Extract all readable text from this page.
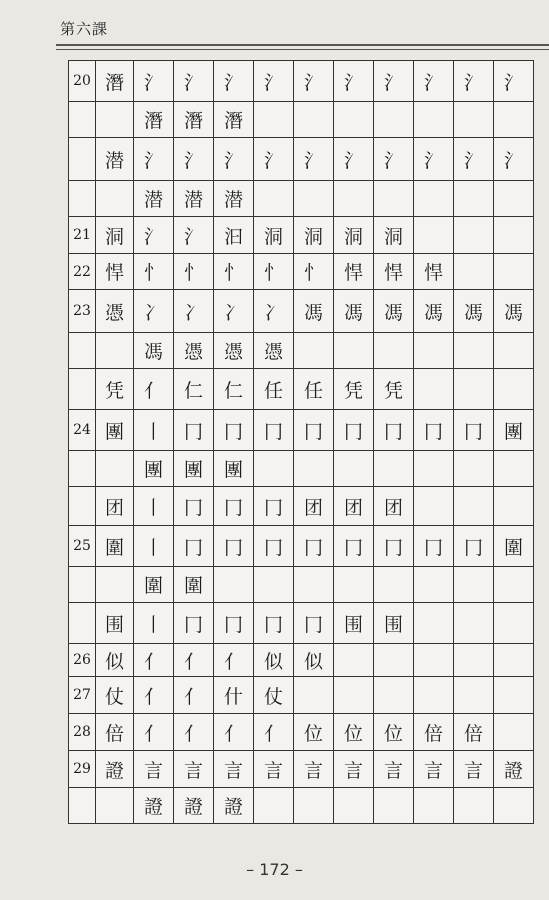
第六課
20	潛	氵	氵	氵	氵	氵	氵	氵	氵	氵	氵
		潛	潛	潛							
	潜	氵	氵	氵	氵	氵	氵	氵	氵	氵	氵
		潜	潜	潜							
21	洞	氵	氵	汩	洞	洞	洞	洞			
22	悍	忄	忄	忄	忄	忄	悍	悍	悍		
23	憑	冫	冫	冫	冫	馮	馮	馮	馮	馮	馮
		馮	憑	憑	憑						
	凭	亻	仁	仁	任	任	凭	凭			
24	團	丨	冂	冂	冂	冂	冂	冂	冂	冂	團
		團	團	團							
	团	丨	冂	冂	冂	团	团	团			
25	圍	丨	冂	冂	冂	冂	冂	冂	冂	冂	圍
		圍	圍								
	围	丨	冂	冂	冂	冂	围	围			
26	似	亻	亻	亻	似	似					
27	仗	亻	亻	什	仗						
28	倍	亻	亻	亻	亻	位	位	位	倍	倍	
29	證	言	言	言	言	言	言	言	言	言	證
		證	證	證							
– 172 –
